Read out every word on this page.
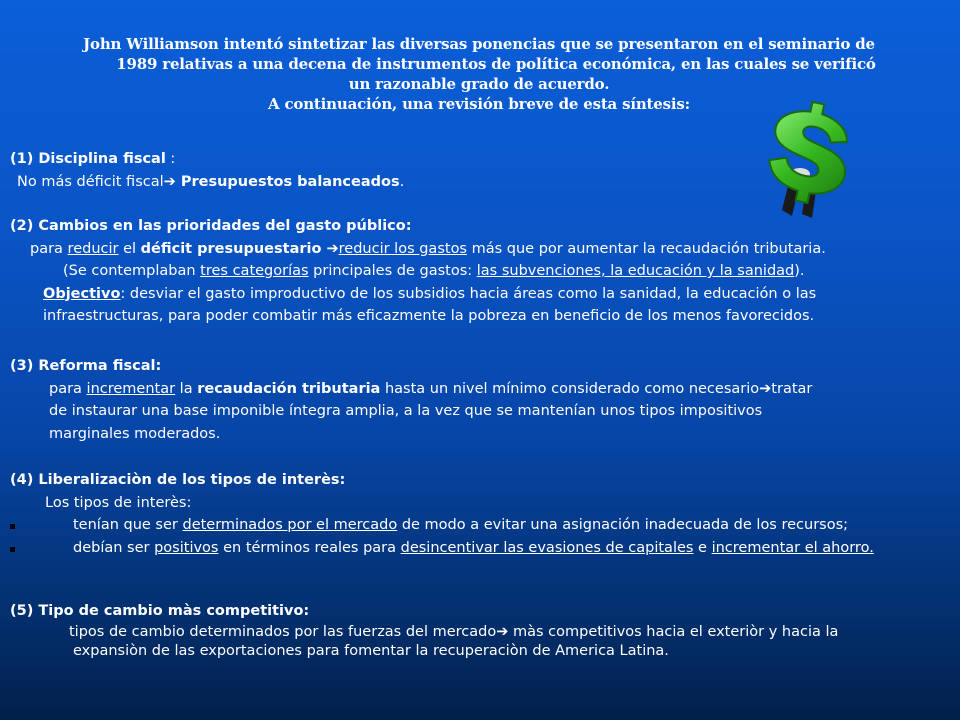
John Williamson intentó sintetizar las diversas ponencias que se presentaron en el seminario de
1989 relativas a una decena de instrumentos de política económica, en las cuales se verificó
un razonable grado de acuerdo.
A continuación, una revisión breve de esta síntesis:
(1) Disciplina fiscal :
No más déficit fiscal➔ Presupuestos balanceados.
(2) Cambios en las prioridades del gasto público:
para reducir el déficit presupuestario ➔reducir los gastos más que por aumentar la recaudación tributaria.
(Se contemplaban tres categorías principales de gastos: las subvenciones, la educación y la sanidad).
Objectivo: desviar el gasto improductivo de los subsidios hacia áreas como la sanidad, la educación o las
infraestructuras, para poder combatir más eficazmente la pobreza en beneficio de los menos favorecidos.
(3) Reforma fiscal:
para incrementar la recaudación tributaria hasta un nivel mínimo considerado como necesario➔tratar
de instaurar una base imponible íntegra amplia, a la vez que se mantenían unos tipos impositivos
marginales moderados.
(4) Liberalizaciòn de los tipos de interès:
Los tipos de interès:
tenían que ser determinados por el mercado de modo a evitar una asignación inadecuada de los recursos;
debían ser positivos en términos reales para desincentivar las evasiones de capitales e incrementar el ahorro.
(5) Tipo de cambio màs competitivo:
tipos de cambio determinados por las fuerzas del mercado➔ màs competitivos hacia el exteriòr y hacia la
expansiòn de las exportaciones para fomentar la recuperaciòn de America Latina.
